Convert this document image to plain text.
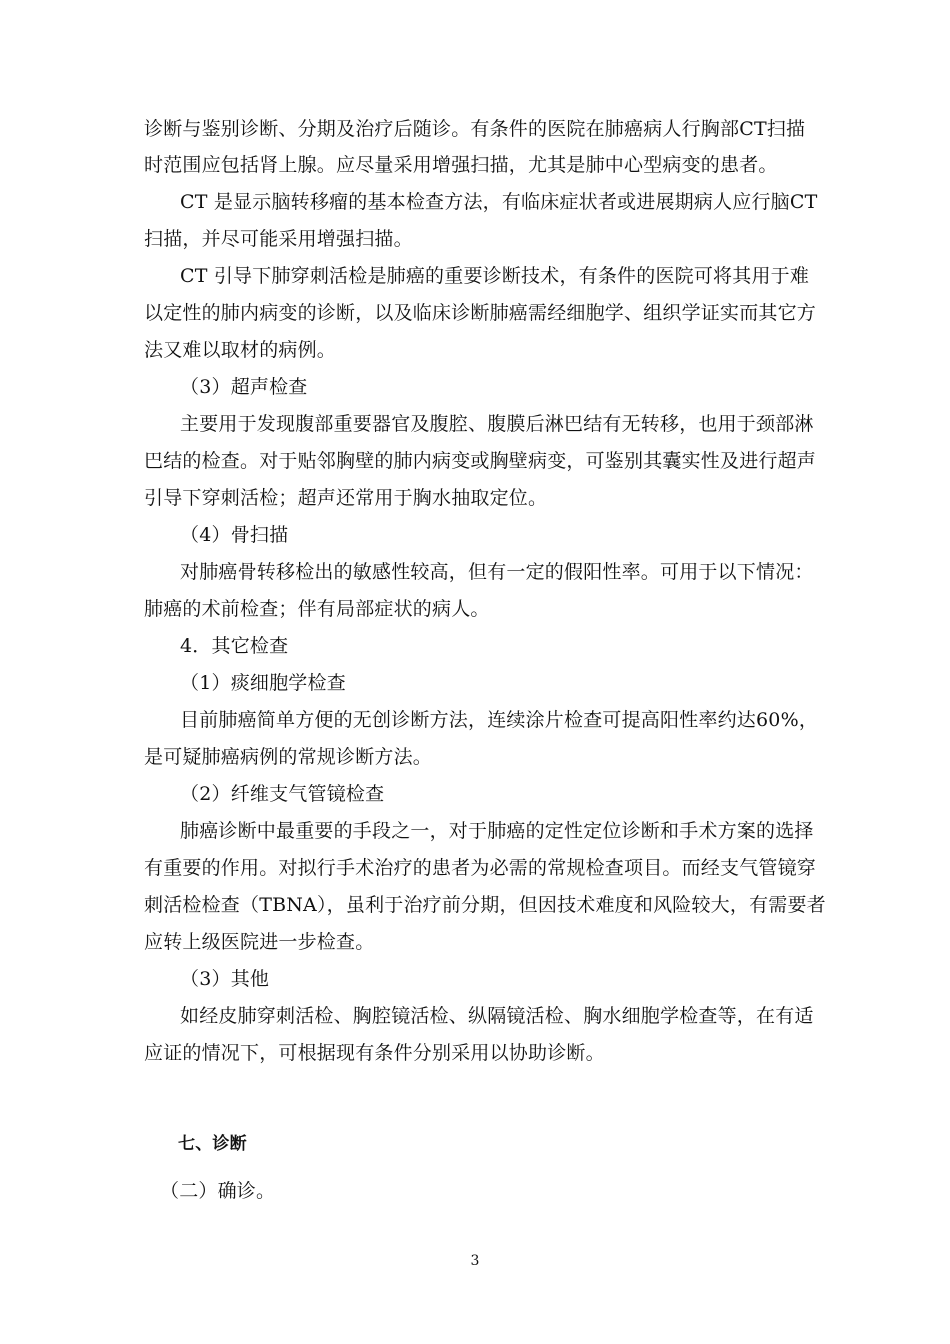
诊断与鉴别诊断、分期及治疗后随诊。有条件的医院在肺癌病人行胸部CT扫描
时范围应包括肾上腺。应尽量采用增强扫描，尤其是肺中心型病变的患者。
CT 是显示脑转移瘤的基本检查方法，有临床症状者或进展期病人应行脑CT
扫描，并尽可能采用增强扫描。
CT 引导下肺穿刺活检是肺癌的重要诊断技术，有条件的医院可将其用于难
以定性的肺内病变的诊断，以及临床诊断肺癌需经细胞学、组织学证实而其它方
法又难以取材的病例。
（3）超声检查
主要用于发现腹部重要器官及腹腔、腹膜后淋巴结有无转移，也用于颈部淋
巴结的检查。对于贴邻胸壁的肺内病变或胸壁病变，可鉴别其囊实性及进行超声
引导下穿刺活检；超声还常用于胸水抽取定位。
（4）骨扫描
对肺癌骨转移检出的敏感性较高，但有一定的假阳性率。可用于以下情况：
肺癌的术前检查；伴有局部症状的病人。
4．其它检查
（1）痰细胞学检查
目前肺癌简单方便的无创诊断方法，连续涂片检查可提高阳性率约达60%，
是可疑肺癌病例的常规诊断方法。
（2）纤维支气管镜检查
肺癌诊断中最重要的手段之一，对于肺癌的定性定位诊断和手术方案的选择
有重要的作用。对拟行手术治疗的患者为必需的常规检查项目。而经支气管镜穿
刺活检检查（TBNA），虽利于治疗前分期，但因技术难度和风险较大，有需要者
应转上级医院进一步检查。
（3）其他
如经皮肺穿刺活检、胸腔镜活检、纵隔镜活检、胸水细胞学检查等，在有适
应证的情况下，可根据现有条件分别采用以协助诊断。
七、诊断
（二）确诊。
3
